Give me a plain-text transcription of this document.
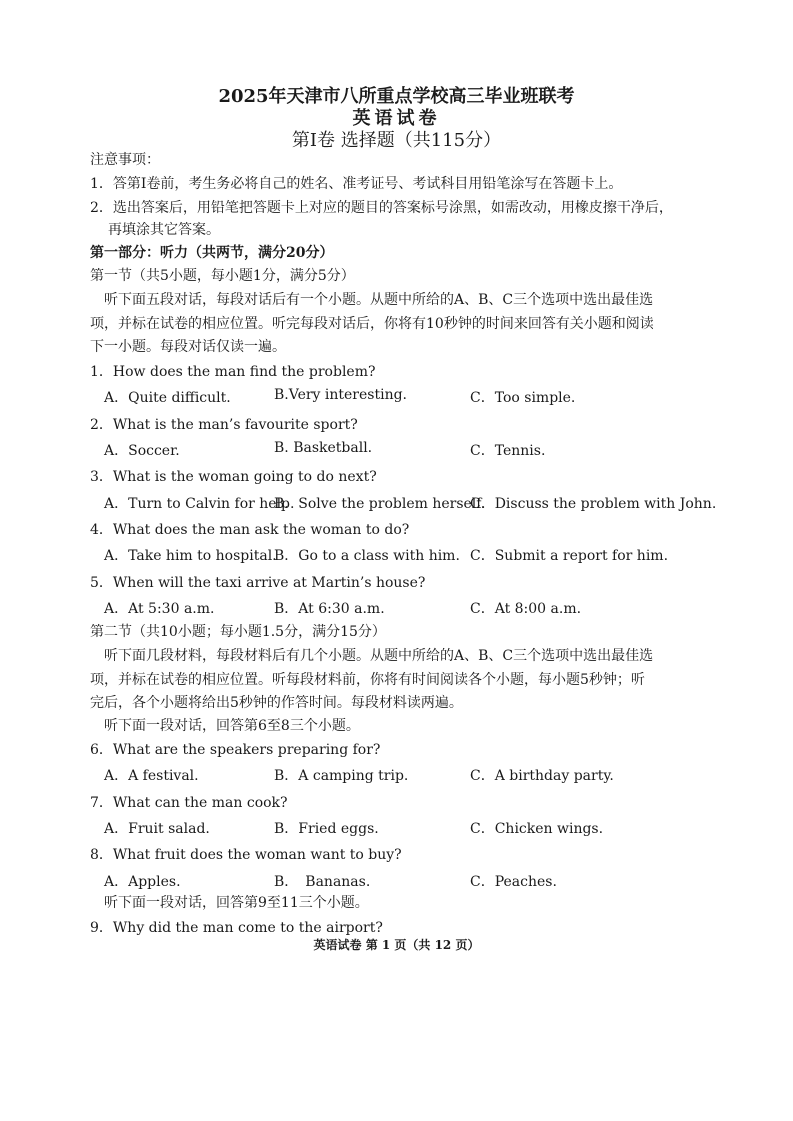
2025年天津市八所重点学校高三毕业班联考
英语试卷
第Ⅰ卷 选择题（共115分）
注意事项：
1．答第Ⅰ卷前，考生务必将自己的姓名、准考证号、考试科目用铅笔涂写在答题卡上。
2．选出答案后，用铅笔把答题卡上对应的题目的答案标号涂黑，如需改动，用橡皮擦干净后，
再填涂其它答案。
第一部分：听力（共两节，满分20分）
第一节（共5小题，每小题1分，满分5分）
听下面五段对话，每段对话后有一个小题。从题中所给的A、B、C三个选项中选出最佳选
项，并标在试卷的相应位置。听完每段对话后，你将有10秒钟的时间来回答有关小题和阅读
下一小题。每段对话仅读一遍。
1．How does the man find the problem?
A．Quite difficult.	B.Very interesting.	C．Too simple.
2．What is the man’s favourite sport?
A．Soccer.	B. Basketball.	C．Tennis.
3．What is the woman going to do next?
A．Turn to Calvin for help.
B．Solve the problem herself.
C．Discuss the problem with John.
4．What does the man ask the woman to do?
A．Take him to hospital.
B．Go to a class with him. C．Submit a report for him.
5．When will the taxi arrive at Martin’s house?
A．At 5:30 a.m.	B．At 6:30 a.m.	C．At 8:00 a.m.
第二节（共10小题；每小题1.5分，满分15分）
听下面几段材料，每段材料后有几个小题。从题中所给的A、B、C三个选项中选出最佳选
项，并标在试卷的相应位置。听每段材料前，你将有时间阅读各个小题，每小题5秒钟；听
完后，各个小题将给出5秒钟的作答时间。每段材料读两遍。
听下面一段对话，回答第6至8三个小题。
6．What are the speakers preparing for?
A．A festival.	B．A camping trip.	C．A birthday party.
7．What can the man cook?
A．Fruit salad.	B．Fried eggs.	C．Chicken wings.
8．What fruit does the woman want to buy?
A．Apples.	B．　Bananas.	C．Peaches.
听下面一段对话，回答第9至11三个小题。
9．Why did the man come to the airport?
英语试卷 第 1 页（共 12 页）
